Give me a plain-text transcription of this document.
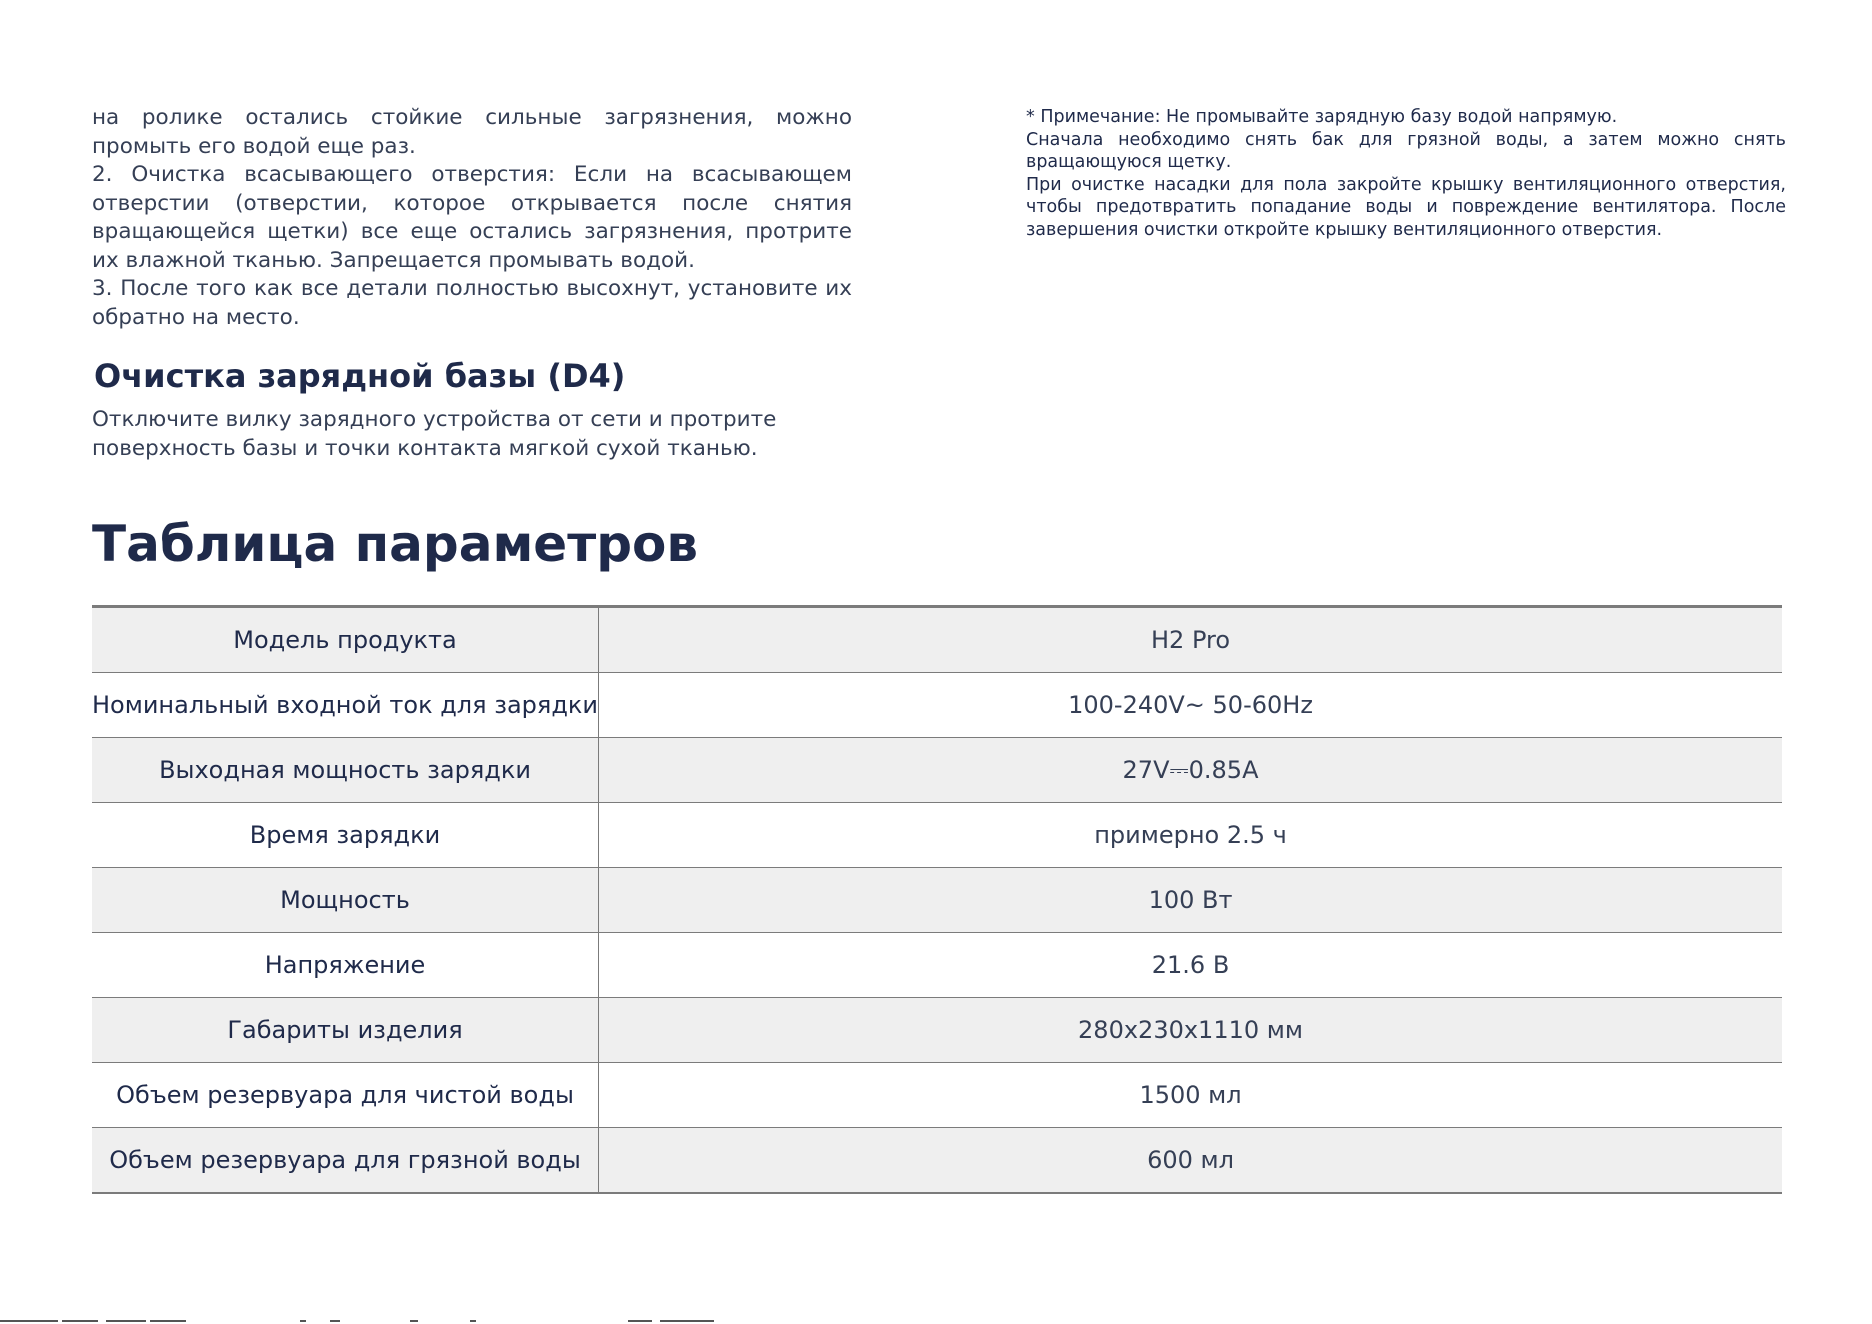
на ролике остались стойкие сильные загрязнения, можно промыть его водой еще раз.

2. Очистка всасывающего отверстия: Если на всасывающем отверстии (отверстии, которое открывается после снятия вращающейся щетки) все еще остались загрязнения, протрите их влажной тканью. Запрещается промывать водой.

3. После того как все детали полностью высохнут, установите их обратно на место.

Очистка зарядной базы (D4)

Отключите вилку зарядного устройства от сети и протрите

поверхность базы и точки контакта мягкой сухой тканью.

* Примечание: Не промывайте зарядную базу водой напрямую.

Сначала необходимо снять бак для грязной воды, а затем можно снять вращающуюся щетку.

При очистке насадки для пола закройте крышку вентиляционного отверстия, чтобы предотвратить попадание воды и повреждение вентилятора. После завершения очистки откройте крышку вентиляционного отверстия.

Таблица параметров
Модель продукта	H2 Pro
Номинальный входной ток для зарядки	100-240V~ 50-60Hz
Выходная мощность зарядки	27V⎓0.85A
Время зарядки	примерно 2.5 ч
Мощность	100 Вт
Напряжение	21.6 В
Габариты изделия	280x230x1110 мм
Объем резервуара для чистой воды	1500 мл
Объем резервуара для грязной воды	600 мл
